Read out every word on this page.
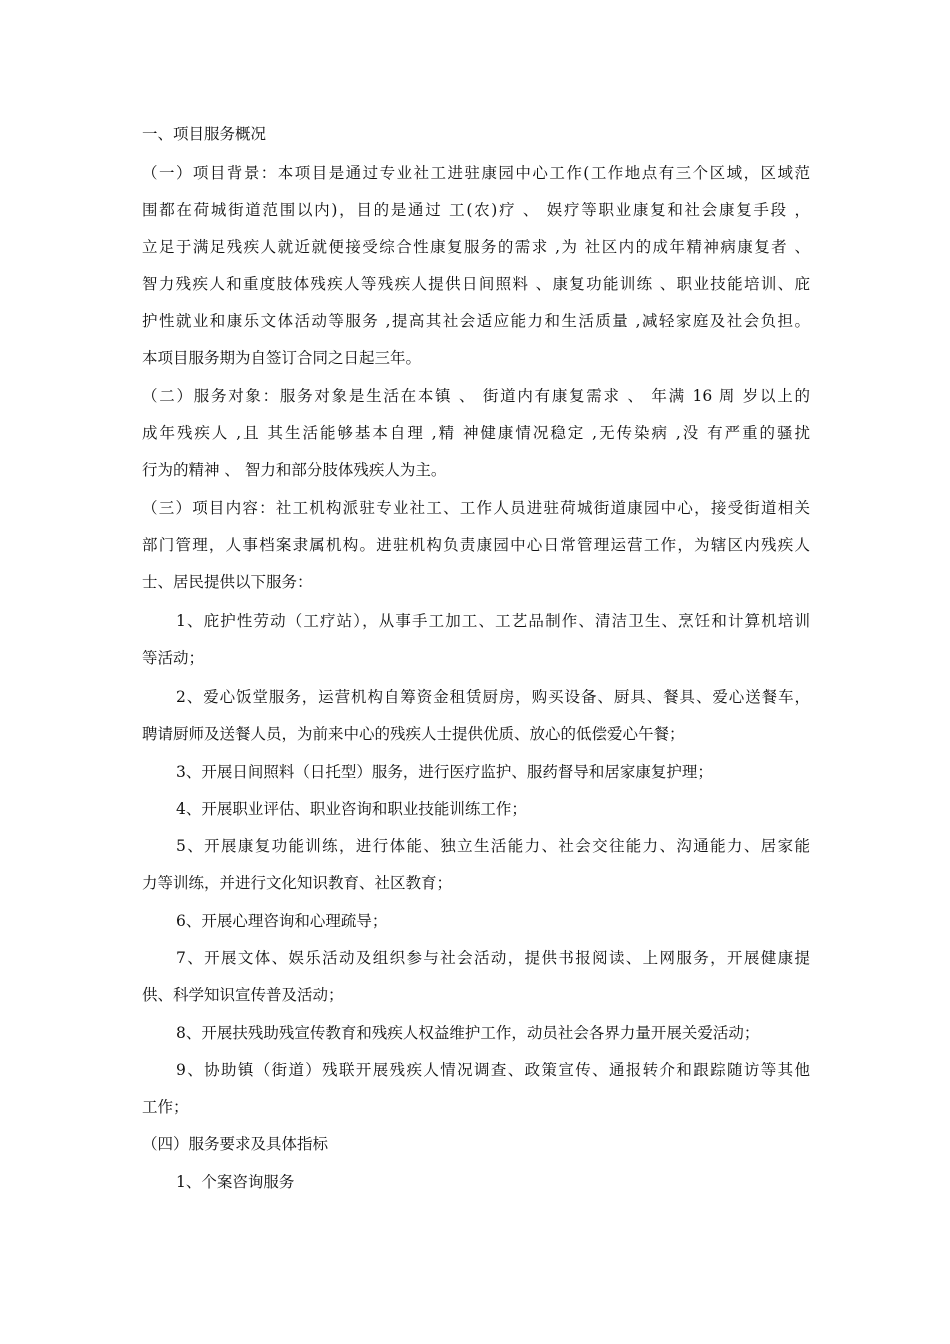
一、项目服务概况
（一）项目背景：本项目是通过专业社工进驻康园中心工作(工作地点有三个区域，区域范
围都在荷城街道范围以内)，目的是通过 工(农)疗 、 娱疗等职业康复和社会康复手段 ，
立足于满足残疾人就近就便接受综合性康复服务的需求 ,为 社区内的成年精神病康复者 、
智力残疾人和重度肢体残疾人等残疾人提供日间照料 、康复功能训练 、职业技能培训、庇
护性就业和康乐文体活动等服务 ,提高其社会适应能力和生活质量 ,减轻家庭及社会负担。
本项目服务期为自签订合同之日起三年。
（二）服务对象：服务对象是生活在本镇 、 街道内有康复需求 、 年满 16 周 岁以上的
成年残疾人 ,且 其生活能够基本自理 ,精 神健康情况稳定 ,无传染病 ,没 有严重的骚扰
行为的精神 、 智力和部分肢体残疾人为主。
（三）项目内容：社工机构派驻专业社工、工作人员进驻荷城街道康园中心，接受街道相关
部门管理，人事档案隶属机构。进驻机构负责康园中心日常管理运营工作，为辖区内残疾人
士、居民提供以下服务：
1、庇护性劳动（工疗站），从事手工加工、工艺品制作、清洁卫生、烹饪和计算机培训
等活动；
2、爱心饭堂服务，运营机构自筹资金租赁厨房，购买设备、厨具、餐具、爱心送餐车，
聘请厨师及送餐人员，为前来中心的残疾人士提供优质、放心的低偿爱心午餐；
3、开展日间照料（日托型）服务，进行医疗监护、服药督导和居家康复护理；
4、开展职业评估、职业咨询和职业技能训练工作；
5、开展康复功能训练，进行体能、独立生活能力、社会交往能力、沟通能力、居家能
力等训练，并进行文化知识教育、社区教育；
6、开展心理咨询和心理疏导；
7、开展文体、娱乐活动及组织参与社会活动，提供书报阅读、上网服务，开展健康提
供、科学知识宣传普及活动；
8、开展扶残助残宣传教育和残疾人权益维护工作，动员社会各界力量开展关爱活动；
9、协助镇（街道）残联开展残疾人情况调查、政策宣传、通报转介和跟踪随访等其他
工作；
（四）服务要求及具体指标
1、个案咨询服务
